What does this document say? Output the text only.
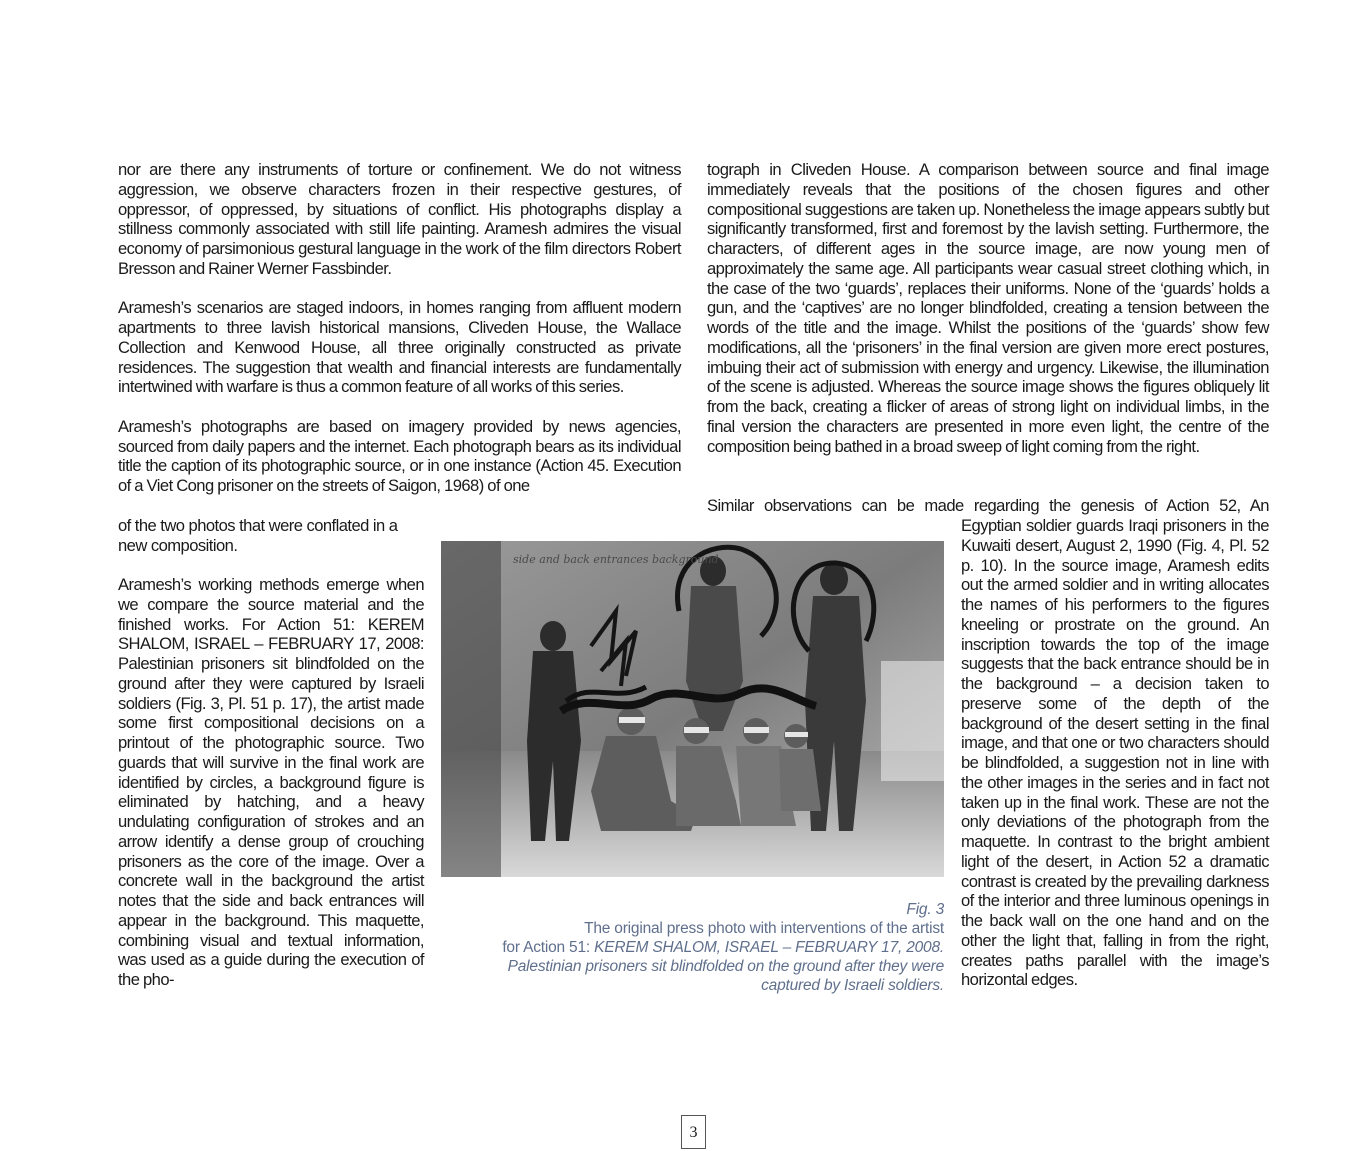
nor are there any instruments of torture or confinement. We do not witness aggression, we observe characters frozen in their respective gestures, of oppressor, of oppressed, by situations of conflict. His photographs display a stillness commonly associated with still life painting. Aramesh admires the visual economy of parsimonious gestural language in the work of the film directors Robert Bresson and Rainer Werner Fassbinder.

Aramesh’s scenarios are staged indoors, in homes ranging from affluent modern apartments to three lavish historical mansions, Cliveden House, the Wallace Collection and Kenwood House, all three originally constructed as private residences. The suggestion that wealth and financial interests are fundamentally intertwined with warfare is thus a common feature of all works of this series.

Aramesh’s photographs are based on imagery provided by news agencies, sourced from daily papers and the internet. Each photograph bears as its individual title the caption of its photographic source, or in one instance (Action 45. Execution of a Viet Cong prisoner on the streets of Saigon, 1968) of one

of the two photos that were conflated in a
new composition.

Aramesh’s working methods emerge when we compare the source material and the finished works. For Action 51: KEREM SHALOM, ISRAEL – FEBRUARY 17, 2008: Palestinian prisoners sit blindfolded on the ground after they were captured by Israeli soldiers (Fig. 3, Pl. 51 p. 17), the artist made some first compositional decisions on a printout of the photographic source. Two guards that will survive in the final work are identified by circles, a background figure is eliminated by hatching, and a heavy undulating configuration of strokes and an arrow identify a dense group of crouching prisoners as the core of the image. Over a concrete wall in the background the artist notes that the side and back entrances will appear in the background. This maquette, combining visual and textual information, was used as a guide during the execution of the pho-

tograph in Cliveden House. A comparison between source and final image immediately reveals that the positions of the chosen figures and other compositional suggestions are taken up. Nonetheless the image appears subtly but significantly transformed, first and foremost by the lavish setting. Furthermore, the characters, of different ages in the source image, are now young men of approximately the same age. All participants wear casual street clothing which, in the case of the two ‘guards’, replaces their uniforms. None of the ‘guards’ holds a gun, and the ‘captives’ are no longer blindfolded, creating a tension between the words of the title and the image. Whilst the positions of the ‘guards’ show few modifications, all the ‘prisoners’ in the final version are given more erect postures, imbuing their act of submission with energy and urgency. Likewise, the illumination of the scene is adjusted. Whereas the source image shows the figures obliquely lit from the back, creating a flicker of areas of strong light on individual limbs, in the final version the characters are presented in more even light, the centre of the composition being bathed in a broad sweep of light coming from the right.

Similar observations can be made regarding the genesis of Action 52, An

Egyptian soldier guards Iraqi prisoners in the Kuwaiti desert, August 2, 1990 (Fig. 4, Pl. 52 p. 10). In the source image, Aramesh edits out the armed soldier and in writing allocates the names of his performers to the figures kneeling or prostrate on the ground. An inscription towards the top of the image suggests that the back entrance should be in the background – a decision taken to preserve some of the depth of the background of the desert setting in the final image, and that one or two characters should be blindfolded, a suggestion not in line with the other images in the series and in fact not taken up in the final work. These are not the only deviations of the photograph from the maquette. In contrast to the bright ambient light of the desert, in Action 52 a dramatic contrast is created by the prevailing darkness of the interior and three luminous openings in the back wall on the one hand and on the other the light that, falling in from the right, creates paths parallel with the image’s horizontal edges.

side and back entrances background
Fig. 3
The original press photo with interventions of the artist
for Action 51: KEREM SHALOM, ISRAEL – FEBRUARY 17, 2008.
Palestinian prisoners sit blindfolded on the ground after they were
captured by Israeli soldiers.
3
